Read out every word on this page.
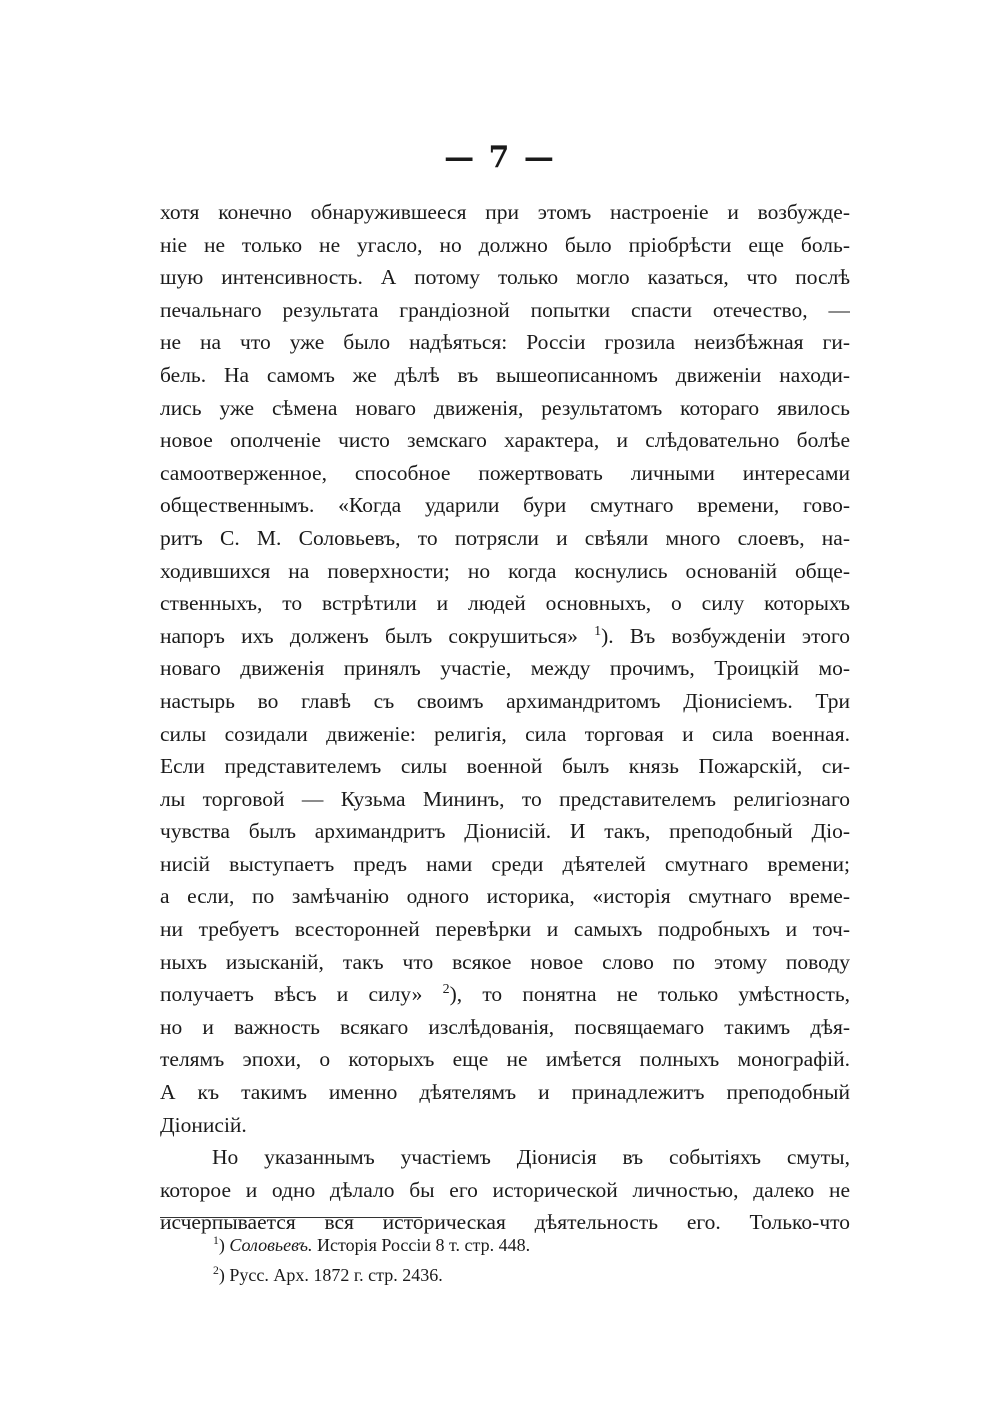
— 7 —
хотя конечно обнаружившееся при этомъ настроенiе и возбужде-
нiе не только не угасло, но должно было прiобрѣсти еще боль-
шую интенсивность. А потому только могло казаться, что послѣ
печальнаго результата грандiозной попытки спасти отечество, —
не на что уже было надѣяться: Россiи грозила неизбѣжная ги-
бель. На самомъ же дѣлѣ въ вышеописанномъ движенiи находи-
лись уже сѣмена новаго движенiя, результатомъ котораго явилось
новое ополченiе чисто земскаго характера, и слѣдовательно болѣе
самоотверженное, способное пожертвовать личными интересами
общественнымъ. «Когда ударили бури смутнаго времени, гово-
ритъ С. М. Соловьевъ, то потрясли и свѣяли много слоевъ, на-
ходившихся на поверхности; но когда коснулись основанiй обще-
ственныхъ, то встрѣтили и людей основныхъ, о силу которыхъ
напоръ ихъ долженъ былъ сокрушиться» $^1$). Въ возбужденiи этого
новаго движенiя принялъ участiе, между прочимъ, Троицкiй мо-
настырь во главѣ съ своимъ архимандритомъ Дiонисiемъ. Три
силы созидали движенiе: религiя, сила торговая и сила военная.
Если представителемъ силы военной былъ князь Пожарскiй, си-
лы торговой — Кузьма Мининъ, то представителемъ религiознаго
чувства былъ архимандритъ Дiонисiй. И такъ, преподобный Дiо-
нисiй выступаетъ предъ нами среди дѣятелей смутнаго времени;
а если, по замѣчанiю одного историка, «исторiя смутнаго време-
ни требуетъ всесторонней перевѣрки и самыхъ подробныхъ и точ-
ныхъ изысканiй, такъ что всякое новое слово по этому поводу
получаетъ вѣсъ и силу» $^2$), то понятна не только умѣстность,
но и важность всякаго изслѣдованiя, посвящаемаго такимъ дѣя-
телямъ эпохи, о которыхъ еще не имѣется полныхъ монографiй.
А къ такимъ именно дѣятелямъ и принадлежитъ преподобный
Дiонисiй.
Но указаннымъ участiемъ Дiонисiя въ событiяхъ смуты,
которое и одно дѣлало бы его исторической личностью, далеко не
исчерпывается вся историческая дѣятельность его. Только-что
$^1$) Соловьевъ. Исторiя Россiи 8 т. стр. 448.
$^2$) Русс. Арх. 1872 г. стр. 2436.
